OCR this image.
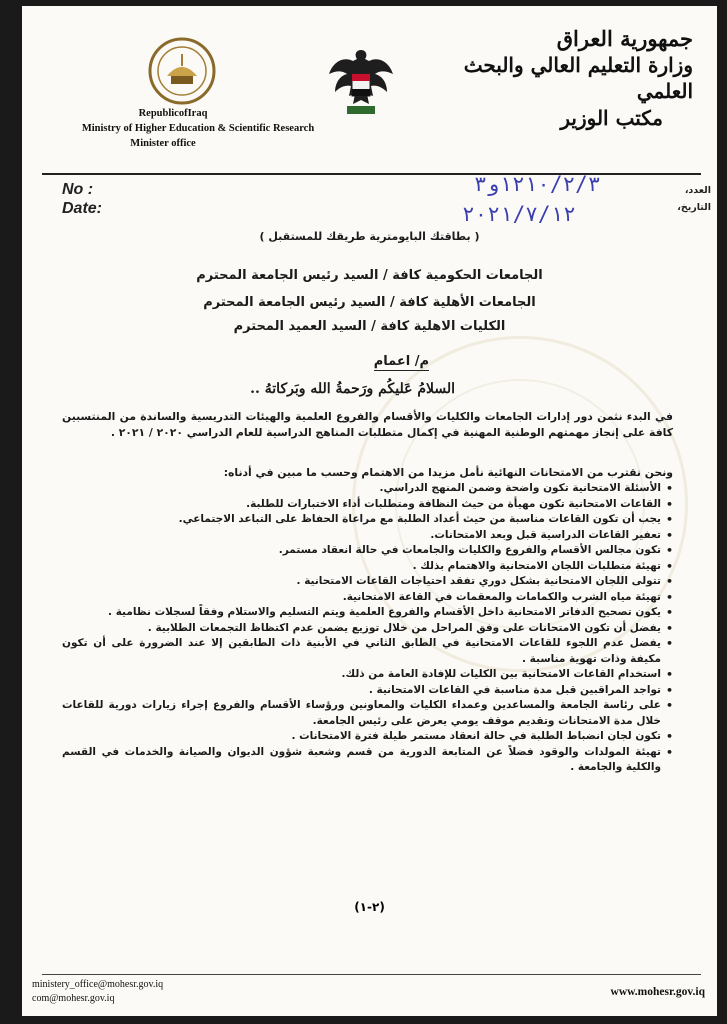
RepublicofIraq
Ministry of Higher Education & Scientific Research
Minister office
جمهورية العراق
وزارة التعليم العالي والبحث العلمي
مكتب الوزير
No :
Date:
العدد،
التاريخ،
١٢١٠/٢/٣و٣
٢٠٢١/٧/١٢
( بطاقتك البايومترية طريقك للمستقبل )
الجامعات الحكومية كافة / السيد رئيس الجامعة المحترم
الجامعات الأهلية كافة / السيد رئيس الجامعة المحترم
الكليات الاهلية كافة / السيد العميد المحترم
م/ اعمام
السلامُ عَليكُم ورَحمةُ الله وبَركاتهُ ..
في البدء نثمن دور إدارات الجامعات والكليات والأقسام والفروع العلمية والهيئات التدريسية والساندة من المنتسبين كافة على إنجاز مهمتهم الوطنية المهنية في إكمال متطلبات المناهج الدراسية للعام الدراسي ٢٠٢٠ / ٢٠٢١ .
ونحن نقترب من الامتحانات النهائية نأمل مزيدا من الاهتمام وحسب ما مبين في أدناه:
• الأسئلة الامتحانية تكون واضحة وضمن المنهج الدراسي.
• القاعات الامتحانية تكون مهيأة من حيث النظافة ومتطلبات أداء الاختبارات للطلبة.
• يجب أن تكون القاعات مناسبة من حيث أعداد الطلبة مع مراعاة الحفاظ على التباعد الاجتماعي.
• تعفير القاعات الدراسية قبل وبعد الامتحانات.
• تكون مجالس الأقسام والفروع والكليات والجامعات في حالة انعقاد مستمر.
• تهيئة متطلبات اللجان الامتحانية والاهتمام بذلك .
• تتولى اللجان الامتحانية بشكل دوري تفقد احتياجات القاعات الامتحانية .
• تهيئة مياه الشرب والكمامات والمعقمات في القاعة الامتحانية.
• يكون تصحيح الدفاتر الامتحانية داخل الأقسام والفروع العلمية ويتم التسليم والاستلام وفقاً لسجلات نظامية .
• يفضل أن تكون الامتحانات على وفق المراحل من خلال توزيع يضمن عدم اكتظاظ التجمعات الطلابية .
• يفضل عدم اللجوء للقاعات الامتحانية في الطابق الثاني في الأبنية ذات الطابقين إلا عند الضرورة على أن تكون مكيفة وذات تهوية مناسبة .
• استخدام القاعات الامتحانية بين الكليات للإفادة العامة من ذلك.
• تواجد المراقبين قبل مدة مناسبة في القاعات الامتحانية .
• على رئاسة الجامعة والمساعدين وعمداء الكليات والمعاونين ورؤساء الأقسام والفروع إجراء زيارات دورية للقاعات خلال مدة الامتحانات وتقديم موقف يومي يعرض على رئيس الجامعة.
• تكون لجان انضباط الطلبة في حالة انعقاد مستمر طيلة فترة الامتحانات .
• تهيئة المولدات والوقود فضلاً عن المتابعة الدورية من قسم وشعبة شؤون الديوان والصيانة والخدمات في القسم والكلية والجامعة .
(٢-١)
ministery_office@mohesr.gov.iq
com@mohesr.gov.iq
www.mohesr.gov.iq
